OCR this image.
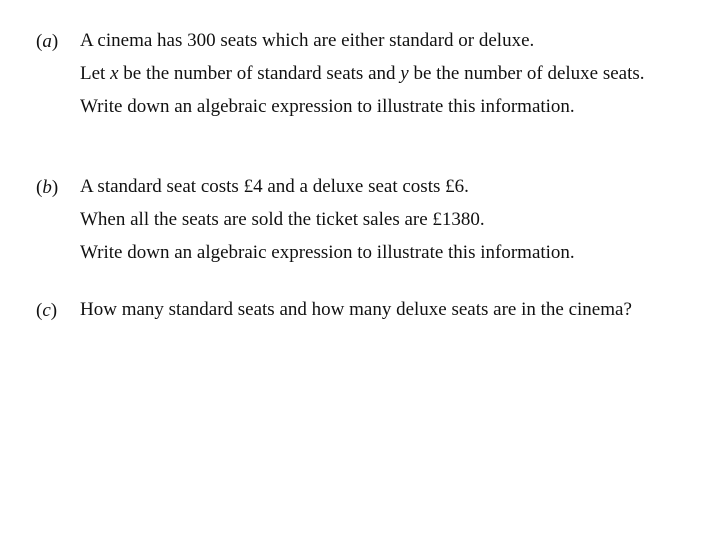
(a)	A cinema has 300 seats which are either standard or deluxe.

Let x be the number of standard seats and y be the number of deluxe seats.

Write down an algebraic expression to illustrate this information.

(b)	A standard seat costs £4 and a deluxe seat costs £6.

When all the seats are sold the ticket sales are £1380.

Write down an algebraic expression to illustrate this information.

(c)	How many standard seats and how many deluxe seats are in the cinema?
